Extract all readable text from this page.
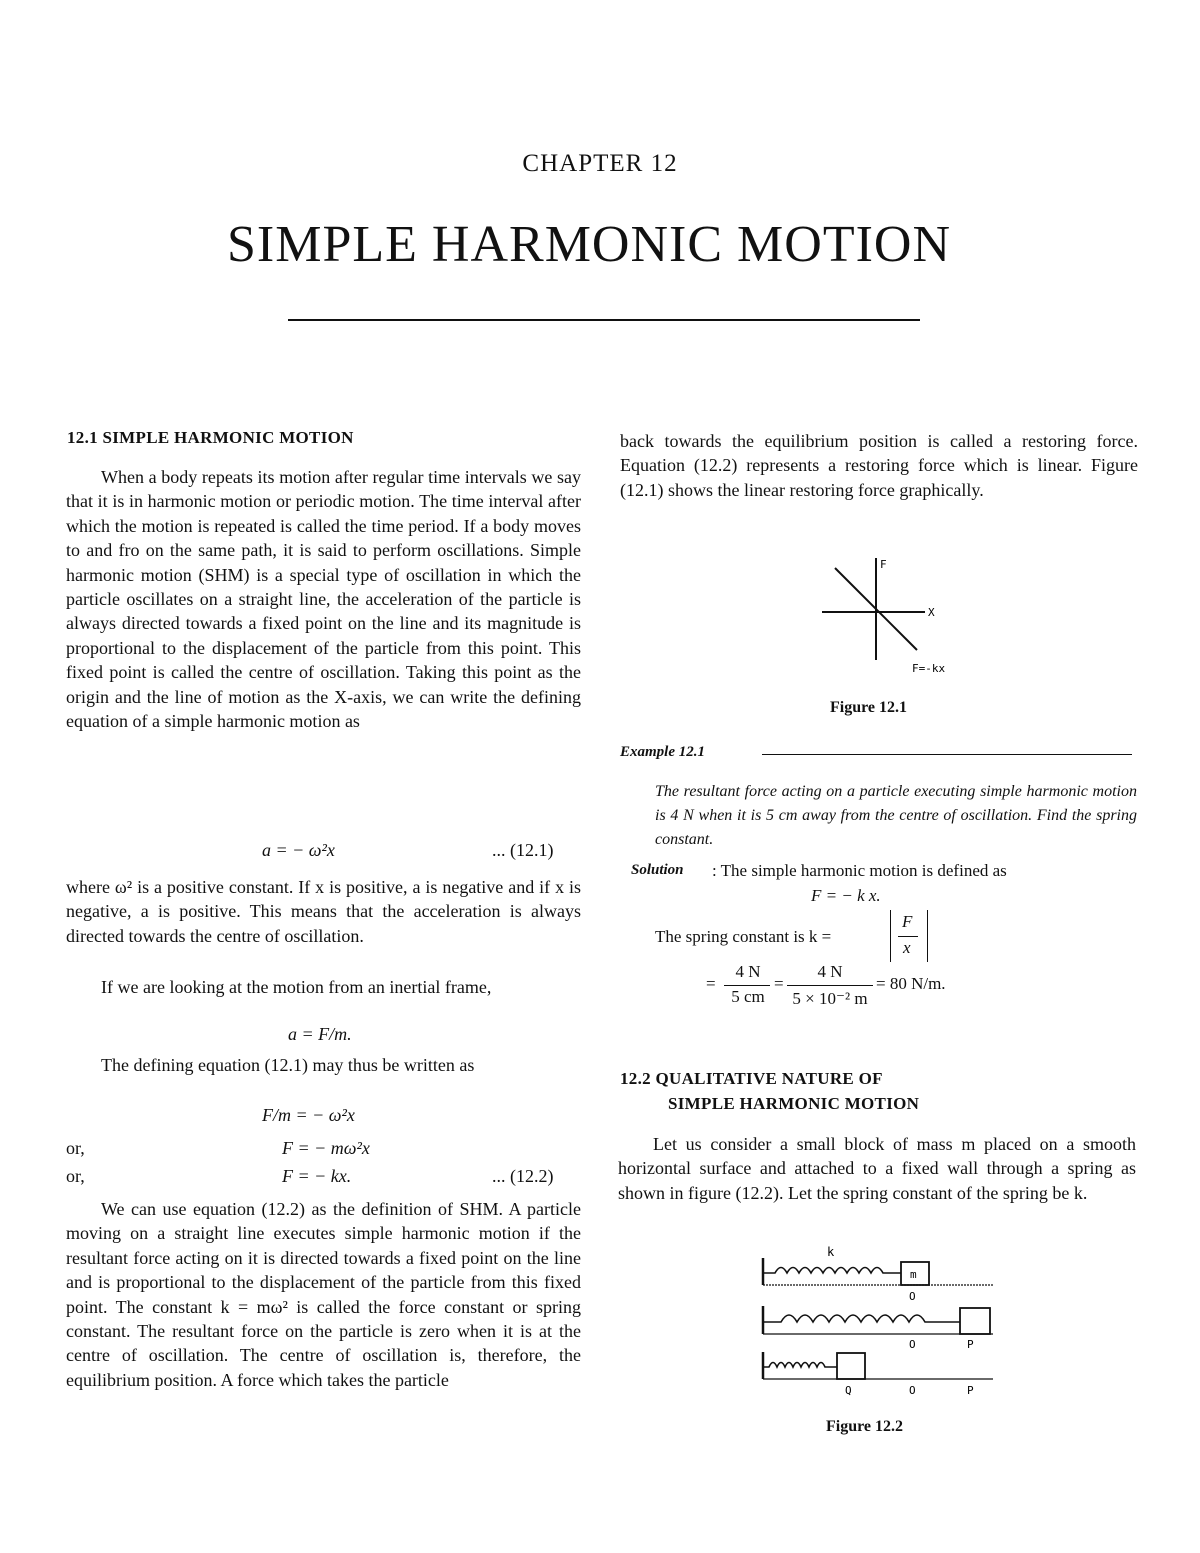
CHAPTER 12
SIMPLE HARMONIC MOTION
12.1 SIMPLE HARMONIC MOTION

When a body repeats its motion after regular time intervals we say that it is in harmonic motion or periodic motion. The time interval after which the motion is repeated is called the time period. If a body moves to and fro on the same path, it is said to perform oscillations. Simple harmonic motion (SHM) is a special type of oscillation in which the particle oscillates on a straight line, the acceleration of the particle is always directed towards a fixed point on the line and its magnitude is proportional to the displacement of the particle from this point. This fixed point is called the centre of oscillation. Taking this point as the origin and the line of motion as the X-axis, we can write the defining equation of a simple harmonic motion as

a = − ω²x	... (12.1)

where ω² is a positive constant. If x is positive, a is negative and if x is negative, a is positive. This means that the acceleration is always directed towards the centre of oscillation.

If we are looking at the motion from an inertial frame,

a = F/m.

The defining equation (12.1) may thus be written as

F/m = − ω²x
or,	F = − mω²x
or,	F = − kx.	... (12.2)

We can use equation (12.2) as the definition of SHM. A particle moving on a straight line executes simple harmonic motion if the resultant force acting on it is directed towards a fixed point on the line and is proportional to the displacement of the particle from this fixed point. The constant k = mω² is called the force constant or spring constant. The resultant force on the particle is zero when it is at the centre of oscillation. The centre of oscillation is, therefore, the equilibrium position. A force which takes the particle

back towards the equilibrium position is called a restoring force. Equation (12.2) represents a restoring force which is linear. Figure (12.1) shows the linear restoring force graphically.

F
X
F=-kx
Figure 12.1
Example 12.1

The resultant force acting on a particle executing simple harmonic motion is 4 N when it is 5 cm away from the centre of oscillation. Find the spring constant.

Solution : The simple harmonic motion is defined as
F = − k x.
The spring constant is k =
F
x
=
4 N
5 cm
=
4 N
5 × 10⁻² m
= 80 N/m.
12.2 QUALITATIVE NATURE OF
SIMPLE HARMONIC MOTION

Let us consider a small block of mass m placed on a smooth horizontal surface and attached to a fixed wall through a spring as shown in figure (12.2). Let the spring constant of the spring be k.

k
m
O
O	P
Q	O	P
Figure 12.2
